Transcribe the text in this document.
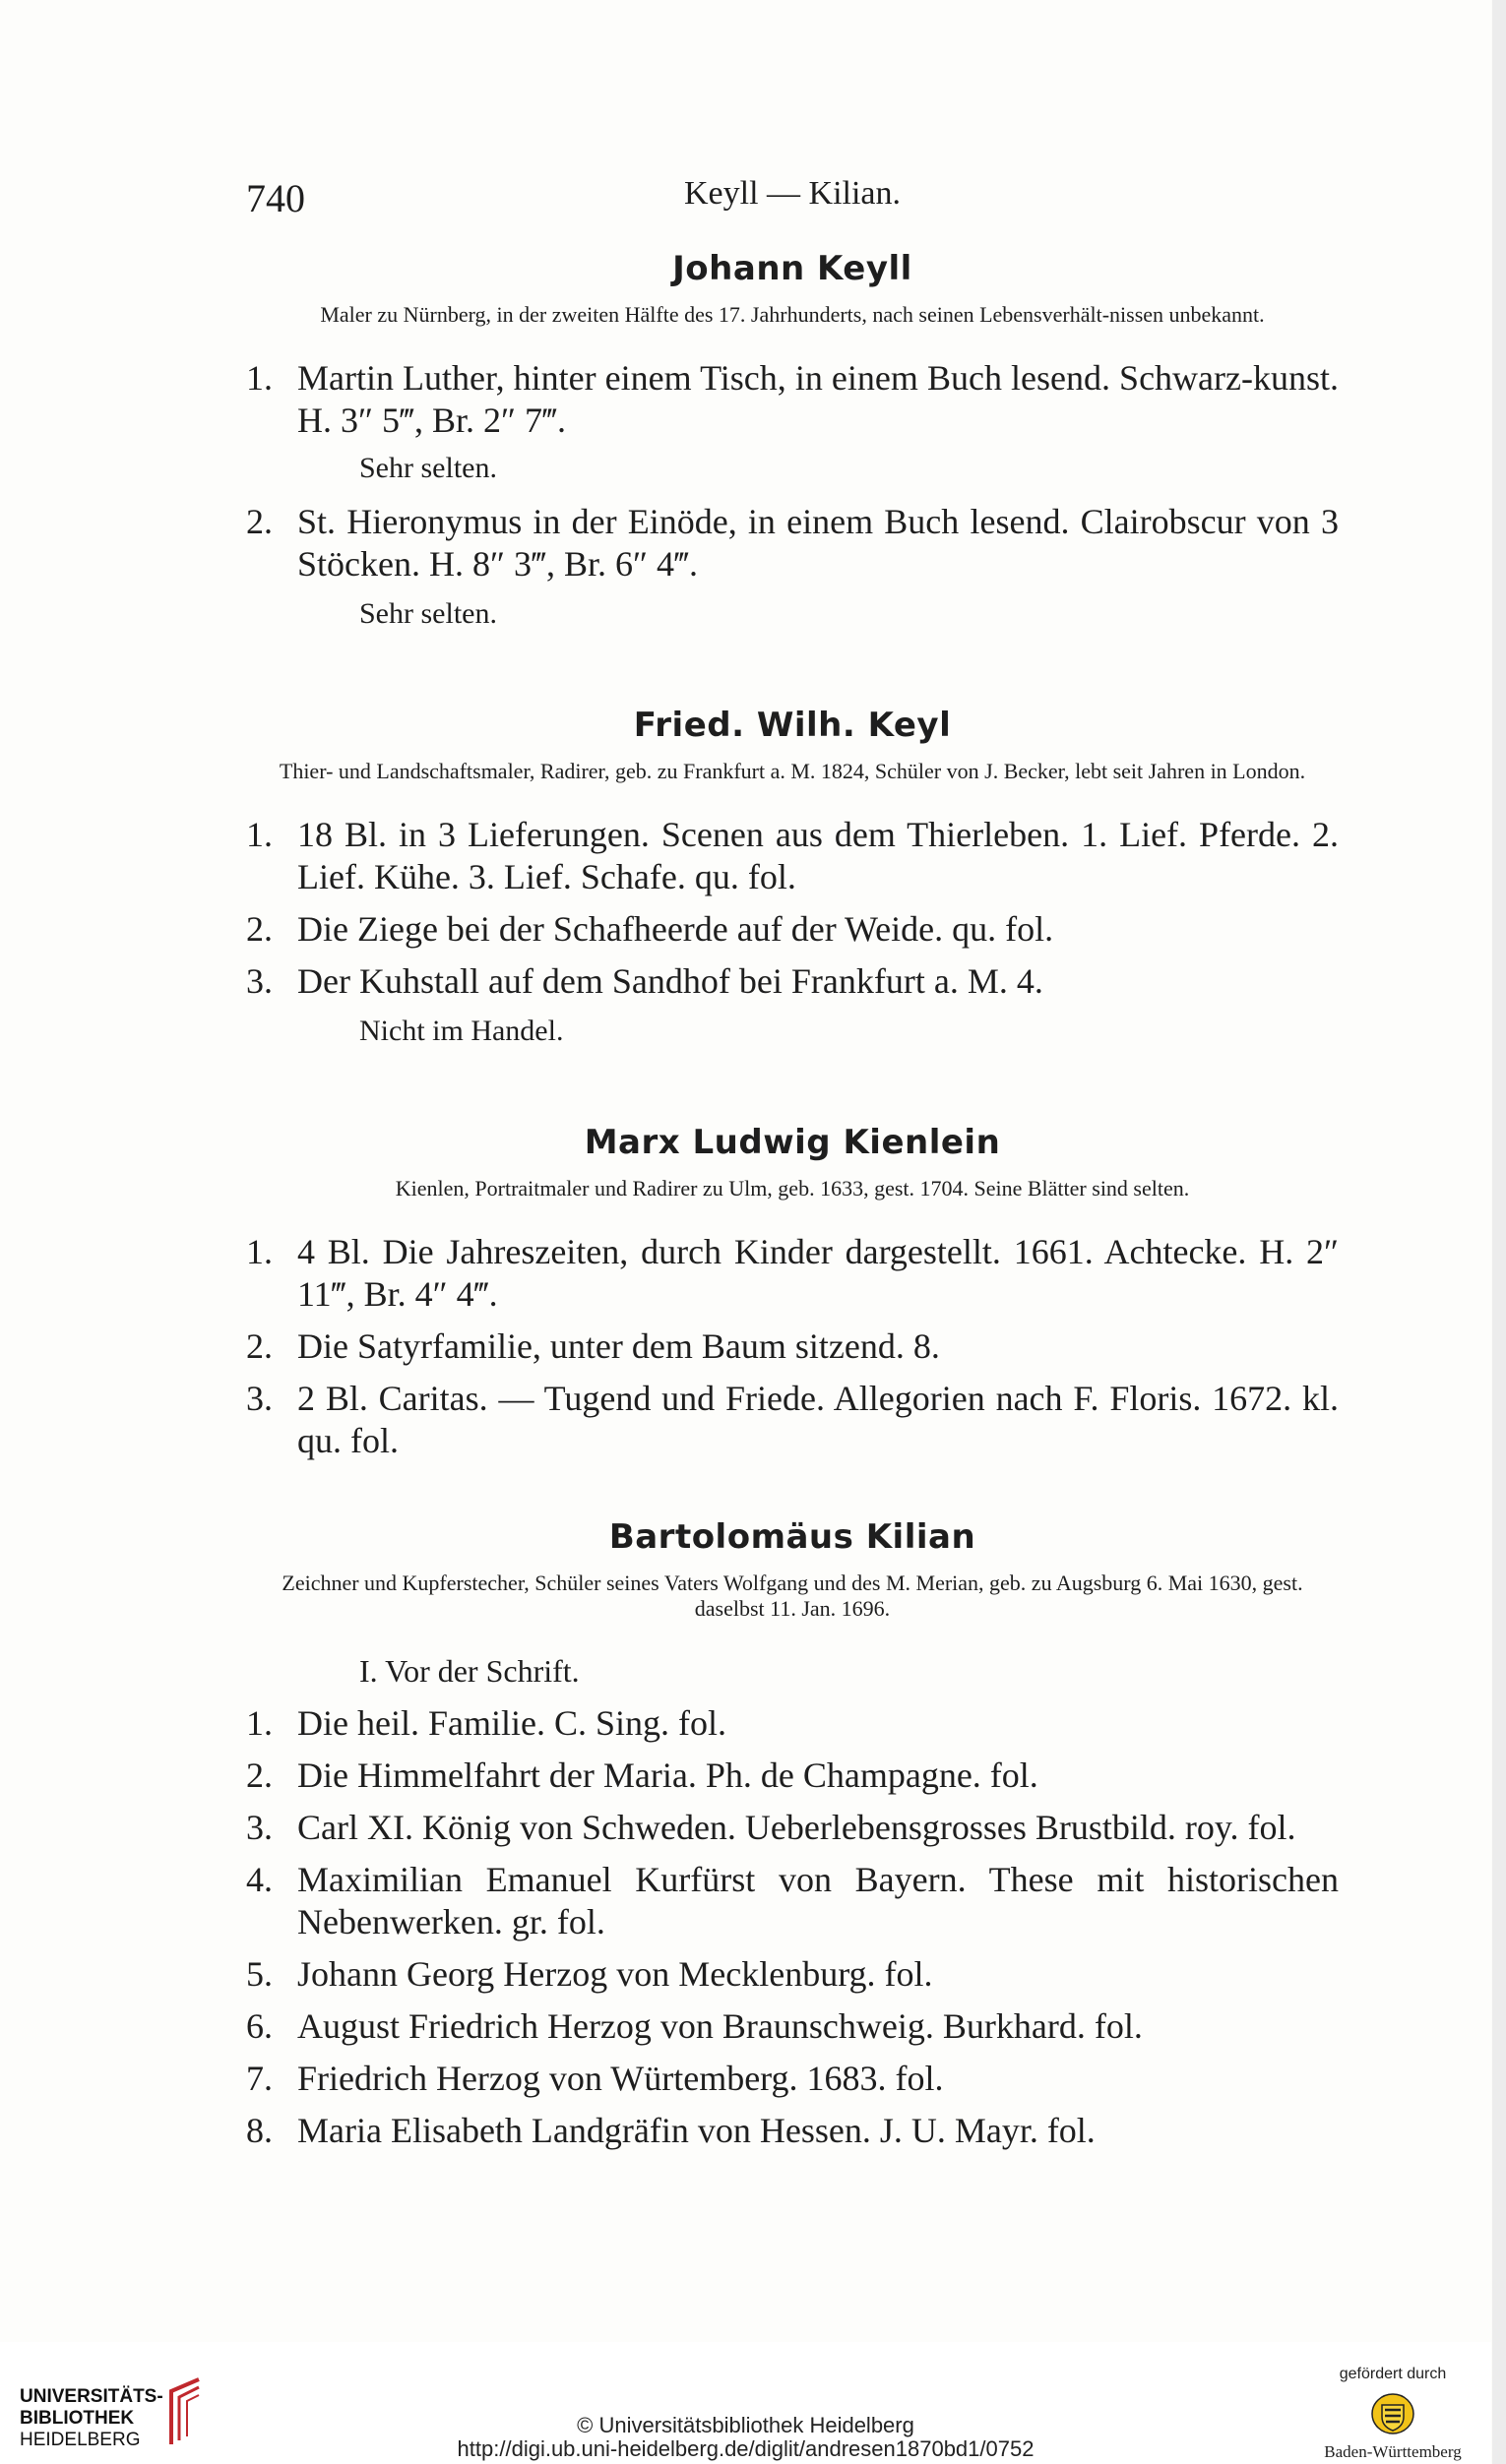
740	Keyll — Kilian.
Johann Keyll
Maler zu Nürnberg, in der zweiten Hälfte des 17. Jahrhunderts, nach seinen Lebensverhält-nissen unbekannt.
1. Martin Luther, hinter einem Tisch, in einem Buch lesend. Schwarz-kunst. H. 3″ 5‴, Br. 2″ 7‴.
Sehr selten.
2. St. Hieronymus in der Einöde, in einem Buch lesend. Clairobscur von 3 Stöcken. H. 8″ 3‴, Br. 6″ 4‴.
Sehr selten.
Fried. Wilh. Keyl
Thier- und Landschaftsmaler, Radirer, geb. zu Frankfurt a. M. 1824, Schüler von J. Becker, lebt seit Jahren in London.
1. 18 Bl. in 3 Lieferungen. Scenen aus dem Thierleben. 1. Lief. Pferde. 2. Lief. Kühe. 3. Lief. Schafe. qu. fol.
2. Die Ziege bei der Schafheerde auf der Weide. qu. fol.
3. Der Kuhstall auf dem Sandhof bei Frankfurt a. M. 4.
Nicht im Handel.
Marx Ludwig Kienlein
Kienlen, Portraitmaler und Radirer zu Ulm, geb. 1633, gest. 1704. Seine Blätter sind selten.
1. 4 Bl. Die Jahreszeiten, durch Kinder dargestellt. 1661. Achtecke. H. 2″ 11‴, Br. 4″ 4‴.
2. Die Satyrfamilie, unter dem Baum sitzend. 8.
3. 2 Bl. Caritas. — Tugend und Friede. Allegorien nach F. Floris. 1672. kl. qu. fol.
Bartolomäus Kilian
Zeichner und Kupferstecher, Schüler seines Vaters Wolfgang und des M. Merian, geb. zu Augsburg 6. Mai 1630, gest. daselbst 11. Jan. 1696.
I. Vor der Schrift.
1. Die heil. Familie. C. Sing. fol.
2. Die Himmelfahrt der Maria. Ph. de Champagne. fol.
3. Carl XI. König von Schweden. Ueberlebensgrosses Brustbild. roy. fol.
4. Maximilian Emanuel Kurfürst von Bayern. These mit historischen Nebenwerken. gr. fol.
5. Johann Georg Herzog von Mecklenburg. fol.
6. August Friedrich Herzog von Braunschweig. Burkhard. fol.
7. Friedrich Herzog von Würtemberg. 1683. fol.
8. Maria Elisabeth Landgräfin von Hessen. J. U. Mayr. fol.
UNIVERSITÄTS-
BIBLIOTHEK
HEIDELBERG
© Universitätsbibliothek Heidelberg
http://digi.ub.uni-heidelberg.de/diglit/andresen1870bd1/0752
gefördert durch
Baden-Württemberg
